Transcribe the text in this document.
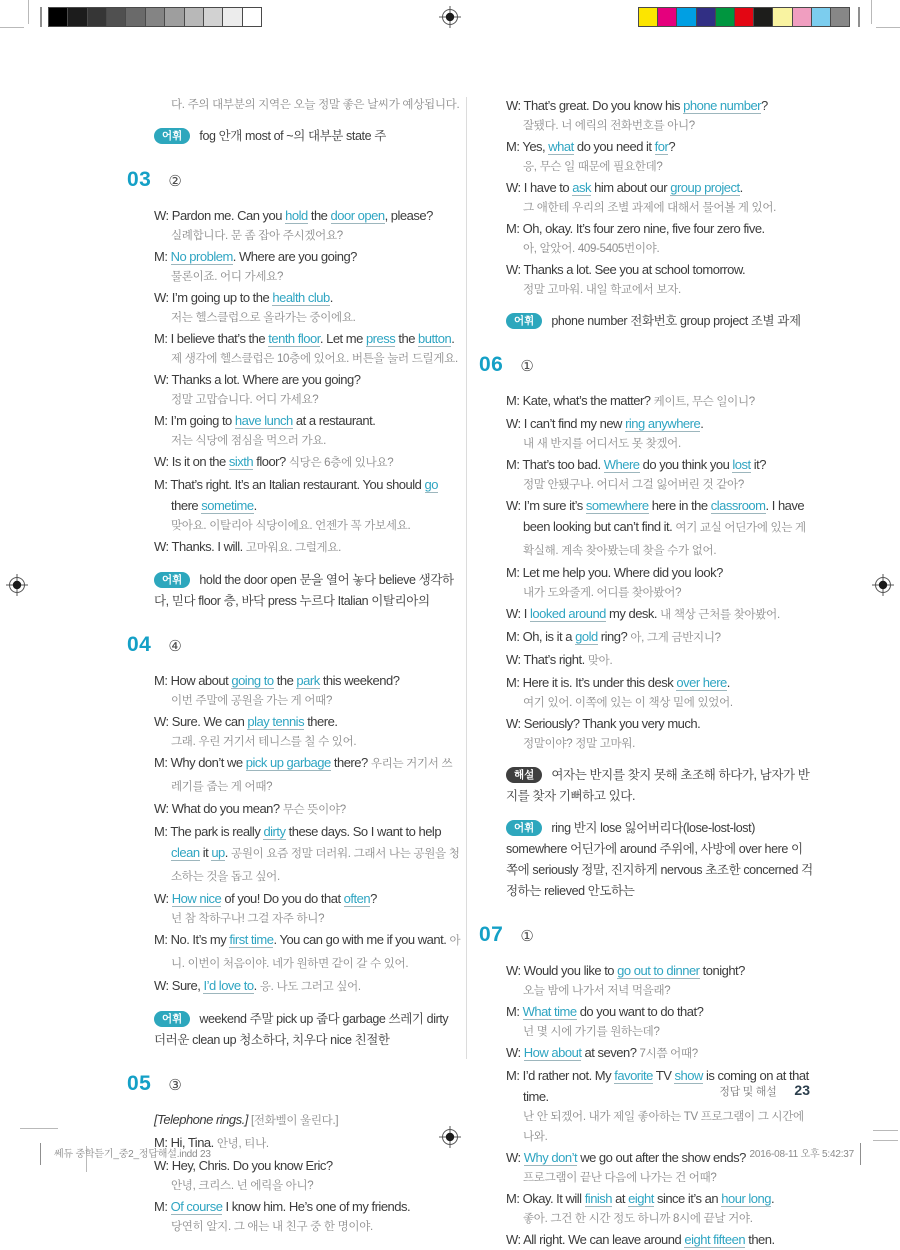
다. 주의 대부분의 지역은 오늘 정말 좋은 날씨가 예상됩니다.

어휘 fog 안개 most of ~의 대부분 state 주
03 ②

W: Pardon me. Can you hold the door open, please?

실례합니다. 문 좀 잡아 주시겠어요?

M: No problem. Where are you going?

물론이죠. 어디 가세요?

W: I’m going up to the health club.

저는 헬스클럽으로 올라가는 중이에요.

M: I believe that’s the tenth floor. Let me press the button.

제 생각에 헬스클럽은 10층에 있어요. 버튼을 눌러 드릴게요.

W: Thanks a lot. Where are you going?

정말 고맙습니다. 어디 가세요?

M: I’m going to have lunch at a restaurant.

저는 식당에 점심을 먹으러 가요.

W: Is it on the sixth floor? 식당은 6층에 있나요?

M: That’s right. It’s an Italian restaurant. You should go there sometime.

맞아요. 이탈리아 식당이에요. 언젠가 꼭 가보세요.

W: Thanks. I will. 고마워요. 그럴게요.

어휘 hold the door open 문을 열어 놓다 believe 생각하다, 믿다 floor 층, 바닥 press 누르다 Italian 이탈리아의
04 ④

M: How about going to the park this weekend?

이번 주말에 공원을 가는 게 어때?

W: Sure. We can play tennis there.

그래. 우린 거기서 테니스를 칠 수 있어.

M: Why don’t we pick up garbage there? 우리는 거기서 쓰레기를 줍는 게 어때?

W: What do you mean? 무슨 뜻이야?

M: The park is really dirty these days. So I want to help clean it up. 공원이 요즘 정말 더러워. 그래서 나는 공원을 청소하는 것을 돕고 싶어.

W: How nice of you! Do you do that often?

넌 참 착하구나! 그걸 자주 하니?

M: No. It’s my first time. You can go with me if you want. 아니. 이번이 처음이야. 네가 원하면 같이 갈 수 있어.

W: Sure, I’d love to. 응. 나도 그러고 싶어.

어휘 weekend 주말 pick up 줍다 garbage 쓰레기 dirty 더러운 clean up 청소하다, 치우다 nice 친절한
05 ③

[Telephone rings.] [전화벨이 울린다.]

M: Hi, Tina. 안녕, 티나.

W: Hey, Chris. Do you know Eric?

안녕, 크리스. 넌 에릭을 아니?

M: Of course I know him. He’s one of my friends.

당연히 알지. 그 애는 내 친구 중 한 명이야.

W: That’s great. Do you know his phone number?

잘됐다. 너 에릭의 전화번호를 아니?

M: Yes, what do you need it for?

응, 무슨 일 때문에 필요한데?

W: I have to ask him about our group project.

그 애한테 우리의 조별 과제에 대해서 물어볼 게 있어.

M: Oh, okay. It’s four zero nine, five four zero five.

아, 알았어. 409-5405번이야.

W: Thanks a lot. See you at school tomorrow.

정말 고마워. 내일 학교에서 보자.

어휘 phone number 전화번호 group project 조별 과제
06 ①

M: Kate, what’s the matter? 케이트, 무슨 일이니?

W: I can’t find my new ring anywhere.

내 새 반지를 어디서도 못 찾겠어.

M: That’s too bad. Where do you think you lost it?

정말 안됐구나. 어디서 그걸 잃어버린 것 같아?

W: I’m sure it’s somewhere here in the classroom. I have been looking but can’t find it. 여기 교실 어딘가에 있는 게 확실해. 계속 찾아봤는데 찾을 수가 없어.

M: Let me help you. Where did you look?

내가 도와줄게. 어디를 찾아봤어?

W: I looked around my desk. 내 책상 근처를 찾아봤어.

M: Oh, is it a gold ring? 아, 그게 금반지니?

W: That’s right. 맞아.

M: Here it is. It’s under this desk over here.

여기 있어. 이쪽에 있는 이 책상 밑에 있었어.

W: Seriously? Thank you very much.

정말이야? 정말 고마워.

해설 여자는 반지를 찾지 못해 초조해 하다가, 남자가 반지를 찾자 기뻐하고 있다.
어휘 ring 반지 lose 잃어버리다(lose-lost-lost) somewhere 어딘가에 around 주위에, 사방에 over here 이쪽에 seriously 정말, 진지하게 nervous 초조한 concerned 걱정하는 relieved 안도하는
07 ①

W: Would you like to go out to dinner tonight?

오늘 밤에 나가서 저녁 먹을래?

M: What time do you want to do that?

넌 몇 시에 가기를 원하는데?

W: How about at seven? 7시쯤 어때?

M: I’d rather not. My favorite TV show is coming on at that time.

난 안 되겠어. 내가 제일 좋아하는 TV 프로그램이 그 시간에 나와.

W: Why don’t we go out after the show ends?

프로그램이 끝난 다음에 나가는 건 어때?

M: Okay. It will finish at eight since it’s an hour long.

좋아. 그건 한 시간 정도 하니까 8시에 끝날 거야.

W: All right. We can leave around eight fifteen then.

정답 및 해설 23
쎄듀 중학듣기_중2_정답해설.indd 23	2016-08-11 오후 5:42:37
